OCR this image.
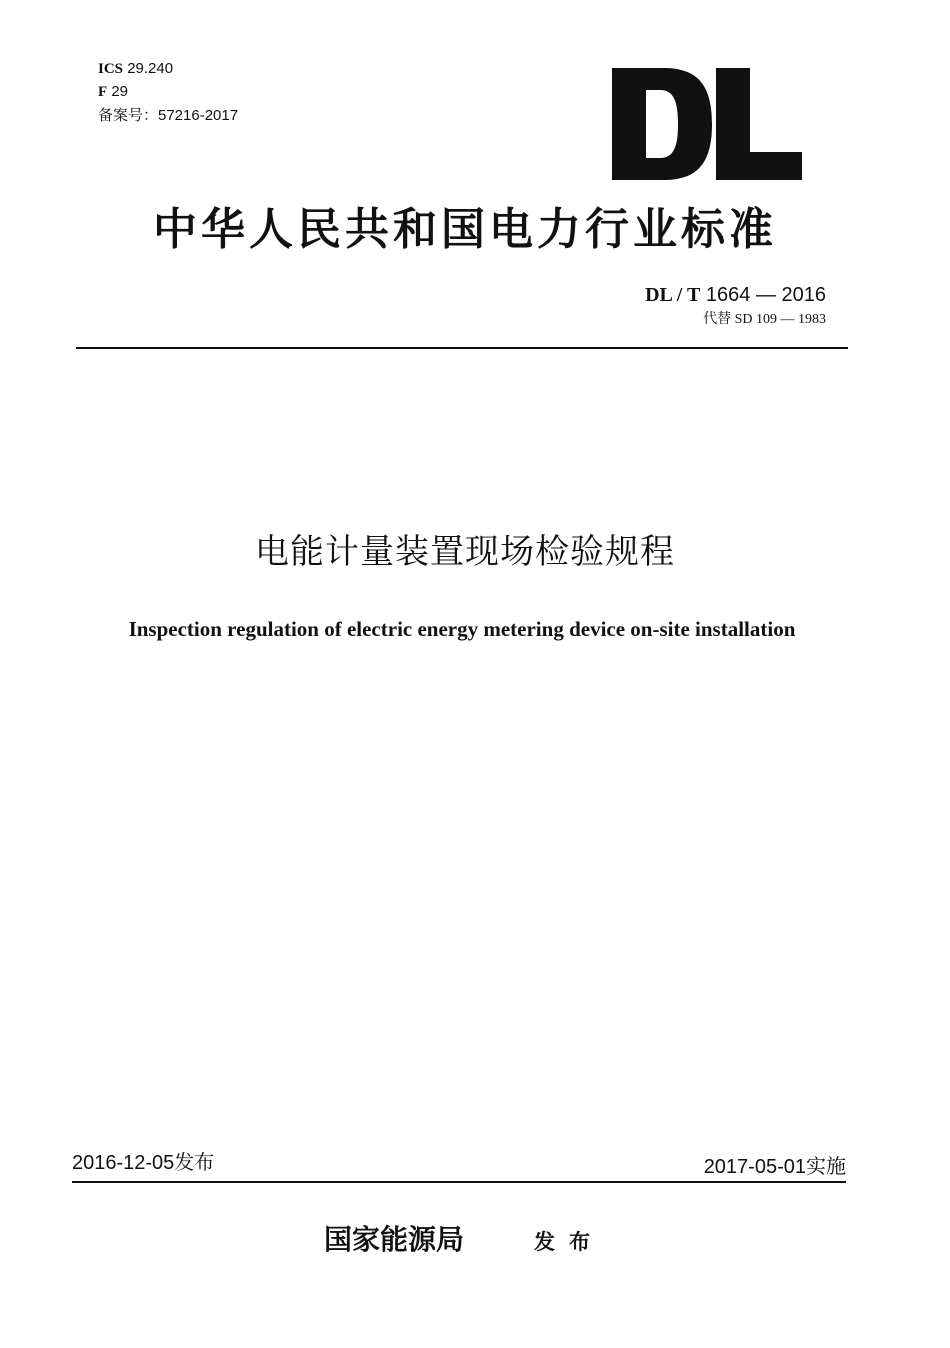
ICS 29.240
F 29
备案号：57216-2017
中华人民共和国电力行业标准
DL / T 1664 — 2016
代替 SD 109 — 1983
电能计量装置现场检验规程
Inspection regulation of electric energy metering device on-site installation
2016-12-05发布	2017-05-01实施
国家能源局	发布
